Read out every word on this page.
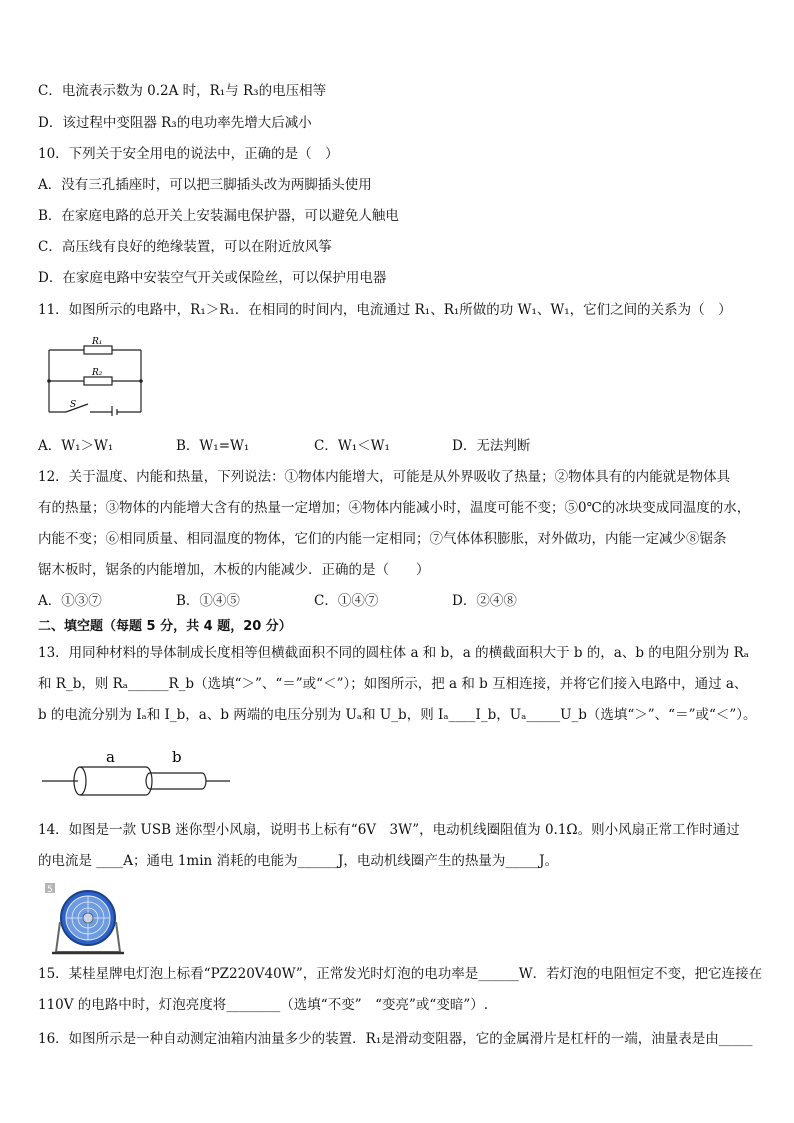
C．电流表示数为 0.2A 时，R₁与 R₃的电压相等
D．该过程中变阻器 R₃的电功率先增大后减小
10．下列关于安全用电的说法中，正确的是（　）
A．没有三孔插座时，可以把三脚插头改为两脚插头使用
B．在家庭电路的总开关上安装漏电保护器，可以避免人触电
C．高压线有良好的绝缘装置，可以在附近放风筝
D．在家庭电路中安装空气开关或保险丝，可以保护用电器
11．如图所示的电路中，R₁＞R₁．在相同的时间内，电流通过 R₁、R₁所做的功 W₁、W₁，它们之间的关系为（　）
R₁
R₂
S
A．W₁＞W₁	B．W₁=W₁	C．W₁＜W₁	D．无法判断
12．关于温度、内能和热量，下列说法：①物体内能增大，可能是从外界吸收了热量；②物体具有的内能就是物体具
有的热量；③物体的内能增大含有的热量一定增加；④物体内能减小时，温度可能不变；⑤0℃的冰块变成同温度的水，
内能不变；⑥相同质量、相同温度的物体，它们的内能一定相同；⑦气体体积膨胀，对外做功，内能一定减少⑧锯条
锯木板时，锯条的内能增加，木板的内能减少．正确的是（　　）
A．①③⑦	B．①④⑤	C．①④⑦	D．②④⑧
二、填空题（每题 5 分，共 4 题，20 分）
13．用同种材料的导体制成长度相等但横截面积不同的圆柱体 a 和 b，a 的横截面积大于 b 的，a、b 的电阻分别为 Rₐ
和 R_b，则 Rₐ______R_b（选填“＞”、“＝”或“＜”）；如图所示，把 a 和 b 互相连接，并将它们接入电路中，通过 a、
b 的电流分别为 Iₐ和 I_b，a、b 两端的电压分别为 Uₐ和 U_b，则 Iₐ____I_b，Uₐ_____U_b（选填“＞”、“＝”或“＜”）。
a	b
14．如图是一款 USB 迷你型小风扇，说明书上标有“6V　3W”，电动机线圈阻值为 0.1Ω。则小风扇正常工作时通过
的电流是 ____A；通电 1min 消耗的电能为______J，电动机线圈产生的热量为_____J。
5
15．某桂星牌电灯泡上标看“PZ220V40W”，正常发光时灯泡的电功率是______W．若灯泡的电阻恒定不变，把它连接在
110V 的电路中时，灯泡亮度将________（选填“不变”　“变亮”或“变暗”）.
16．如图所示是一种自动测定油箱内油量多少的装置．R₁是滑动变阻器，它的金属滑片是杠杆的一端，油量表是由_____
